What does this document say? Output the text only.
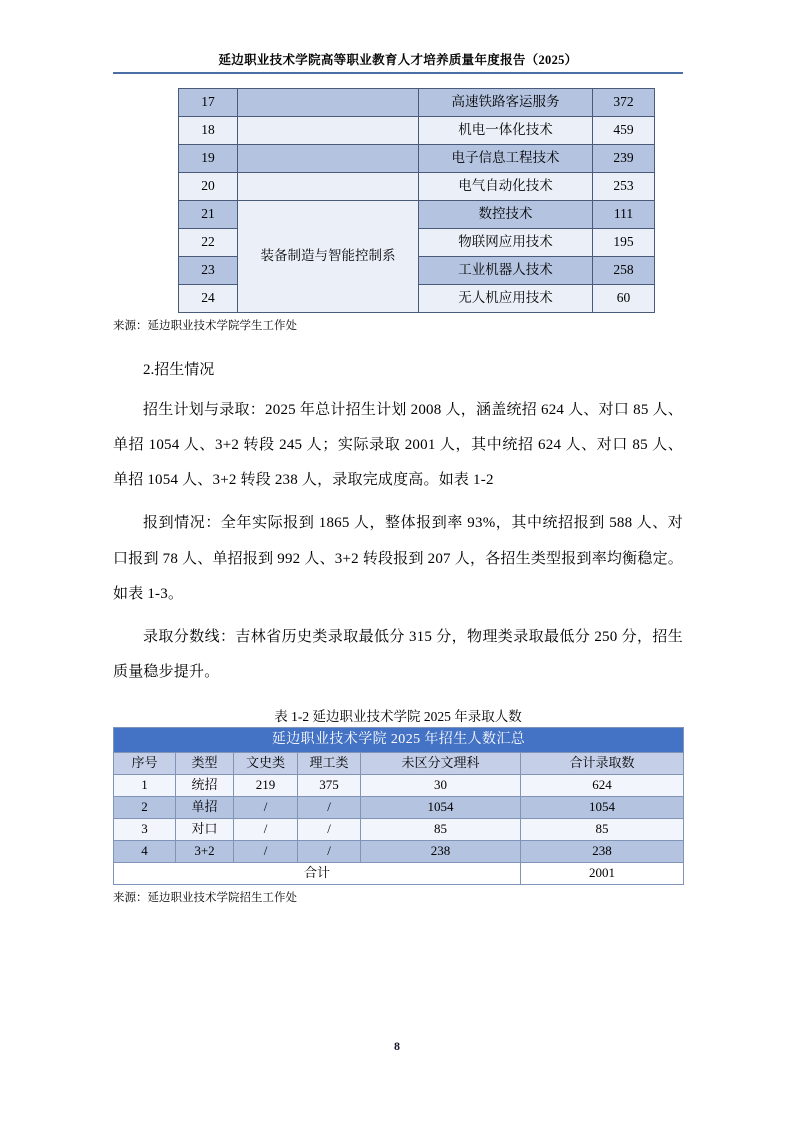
延边职业技术学院高等职业教育人才培养质量年度报告（2025）
17		高速铁路客运服务	372
18		机电一体化技术	459
19		电子信息工程技术	239
20		电气自动化技术	253
21	装备制造与智能控制系	数控技术	111
22		物联网应用技术	195
23		工业机器人技术	258
24		无人机应用技术	60
来源：延边职业技术学院学生工作处
2.招生情况

招生计划与录取：2025 年总计招生计划 2008 人，涵盖统招 624 人、对口 85 人、单招 1054 人、3+2 转段 245 人；实际录取 2001 人，其中统招 624 人、对口 85 人、单招 1054 人、3+2 转段 238 人，录取完成度高。如表 1-2

报到情况：全年实际报到 1865 人，整体报到率 93%，其中统招报到 588 人、对口报到 78 人、单招报到 992 人、3+2 转段报到 207 人，各招生类型报到率均衡稳定。如表 1-3。

录取分数线：吉林省历史类录取最低分 315 分，物理类录取最低分 250 分，招生质量稳步提升。

表 1-2 延边职业技术学院 2025 年录取人数
延边职业技术学院 2025 年招生人数汇总					
序号	类型	文史类	理工类	未区分文理科	合计录取数
1	统招	219	375	30	624
2	单招	/	/	1054	1054
3	对口	/	/	85	85
4	3+2	/	/	238	238
合计					2001
来源：延边职业技术学院招生工作处
8
